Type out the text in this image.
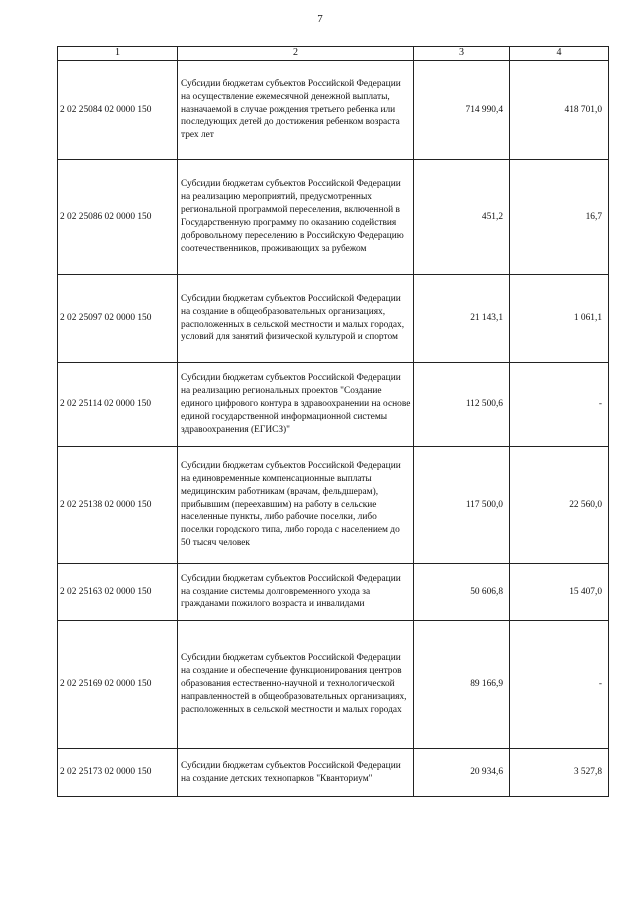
7
1	2	3	4
2 02 25084 02 0000 150	Субсидии бюджетам субъектов Российской Федерации на осуществление ежемесячной денежной выплаты, назначаемой в случае рождения третьего ребенка или последующих детей до достижения ребенком возраста трех лет	714 990,4	418 701,0
2 02 25086 02 0000 150	Субсидии бюджетам субъектов Российской Федерации на реализацию мероприятий, предусмотренных региональной программой переселения, включенной в Государственную программу по оказанию содействия добровольному переселению в Российскую Федерацию соотечественников, проживающих за рубежом	451,2	16,7
2 02 25097 02 0000 150	Субсидии бюджетам субъектов Российской Федерации на создание в общеобразовательных организациях, расположенных в сельской местности и малых городах, условий для занятий физической культурой и спортом	21 143,1	1 061,1
2 02 25114 02 0000 150	Субсидии бюджетам субъектов Российской Федерации на реализацию региональных проектов "Создание единого цифрового контура в здравоохранении на основе единой государственной информационной системы здравоохранения (ЕГИСЗ)"	112 500,6	-
2 02 25138 02 0000 150	Субсидии бюджетам субъектов Российской Федерации на единовременные компенсационные выплаты медицинским работникам (врачам, фельдшерам), прибывшим (переехавшим) на работу в сельские населенные пункты, либо рабочие поселки, либо поселки городского типа, либо города с населением до 50 тысяч человек	117 500,0	22 560,0
2 02 25163 02 0000 150	Субсидии бюджетам субъектов Российской Федерации на создание системы долговременного ухода за гражданами пожилого возраста и инвалидами	50 606,8	15 407,0
2 02 25169 02 0000 150	Субсидии бюджетам субъектов Российской Федерации на создание и обеспечение функционирования центров образования естественно-научной и технологической направленностей в общеобразовательных организациях, расположенных в сельской местности и малых городах	89 166,9	-
2 02 25173 02 0000 150	Субсидии бюджетам субъектов Российской Федерации на создание детских технопарков "Кванториум"	20 934,6	3 527,8
